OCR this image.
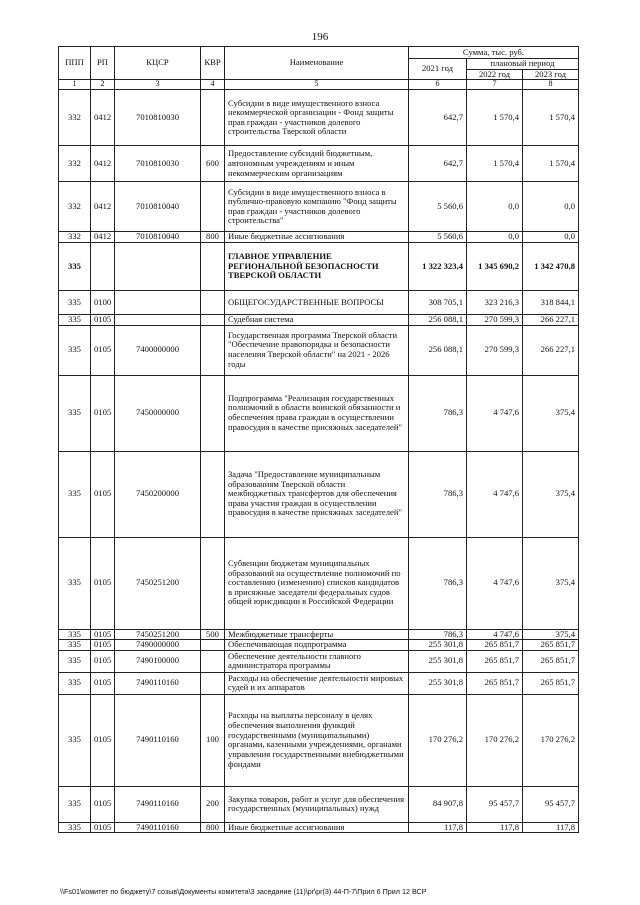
196
ППП	РП	КЦСР	КВР	Наименование	Сумма, тыс. руб.		
					2021 год	плановый период	
						2022 год	2023 год
1	2	3	4	5	6	7	8
332	0412	7010810030		Субсидии в виде имущественного взноса некоммерческой организации - Фонд защиты прав граждан - участников долевого строительства Тверской области	642,7	1 570,4	1 570,4
332	0412	7010810030	600	Предоставление субсидий бюджетным, автономным учреждениям и иным некоммерческим организациям	642,7	1 570,4	1 570,4
332	0412	7010810040		Субсидии в виде имущественного взноса в публично-правовую компанию "Фонд защиты прав граждан - участников долевого строительства"	5 560,6	0,0	0,0
332	0412	7010810040	800	Иные бюджетные ассигнования	5 560,6	0,0	0,0
335				ГЛАВНОЕ УПРАВЛЕНИЕ РЕГИОНАЛЬНОЙ БЕЗОПАСНОСТИ ТВЕРСКОЙ ОБЛАСТИ	1 322 323,4	1 345 690,2	1 342 470,8
335	0100			ОБЩЕГОСУДАРСТВЕННЫЕ ВОПРОСЫ	308 705,1	323 216,3	318 844,1
335	0105			Судебная система	256 088,1	270 599,3	266 227,1
335	0105	7400000000		Государственная программа Тверской области "Обеспечение правопорядка и безопасности населения Тверской области" на 2021 - 2026 годы	256 088,1	270 599,3	266 227,1
335	0105	7450000000		Подпрограмма "Реализация государственных полномочий в области воинской обязанности и обеспечения права граждан в осуществлении правосудия в качестве присяжных заседателей"	786,3	4 747,6	375,4
335	0105	7450200000		Задача "Предоставление муниципальным образованиям Тверской области межбюджетных трансфертов для обеспечения права участия граждан в осуществлении правосудия в качестве присяжных заседателей"	786,3	4 747,6	375,4
335	0105	7450251200		Субвенции бюджетам муниципальных образований на осуществление полномочий по составлению (изменению) списков кандидатов в присяжные заседатели федеральных судов общей юрисдикции в Российской Федерации	786,3	4 747,6	375,4
335	0105	7450251200	500	Межбюджетные трансферты	786,3	4 747,6	375,4
335	0105	7490000000		Обеспечивающая подпрограмма	255 301,8	265 851,7	265 851,7
335	0105	7490100000		Обеспечение деятельности главного администратора программы	255 301,8	265 851,7	265 851,7
335	0105	7490110160		Расходы на обеспечение деятельности мировых судей и их аппаратов	255 301,8	265 851,7	265 851,7
335	0105	7490110160	100	Расходы на выплаты персоналу в целях обеспечения выполнения функций государственными (муниципальными) органами, казенными учреждениями, органами управления государственными внебюджетными фондами	170 276,2	170 276,2	170 276,2
335	0105	7490110160	200	Закупка товаров, работ и услуг для обеспечения государственных (муниципальных) нужд	84 907,8	95 457,7	95 457,7
335	0105	7490110160	800	Иные бюджетные ассигнования	117,8	117,8	117,8
\\Fs01\комитет по бюджету\7 созыв\Документы комитета\3 заседание (11)\pr\pr(3) 44-П-7\Прил 6 Прил 12 ВСР
